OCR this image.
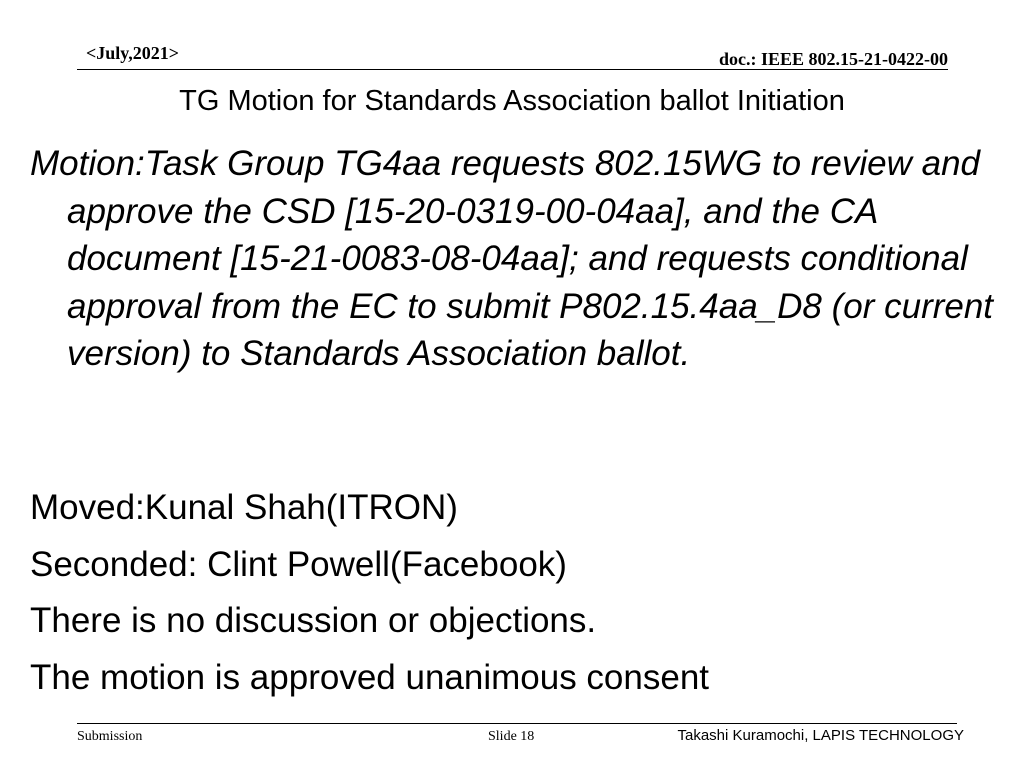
<July,2021>	doc.: IEEE 802.15-21-0422-00
TG Motion for Standards Association ballot Initiation

Motion:Task Group TG4aa requests 802.15WG to review and approve the CSD [15-20-0319-00-04aa], and the CA document [15-21-0083-08-04aa]; and requests conditional approval from the EC to submit P802.15.4aa_D8 (or current version) to Standards Association ballot.

Moved:Kunal Shah(ITRON)
Seconded: Clint Powell(Facebook)
There is no discussion or objections.
The motion is approved unanimous consent
Submission	Slide 18	Takashi Kuramochi, LAPIS TECHNOLOGY
